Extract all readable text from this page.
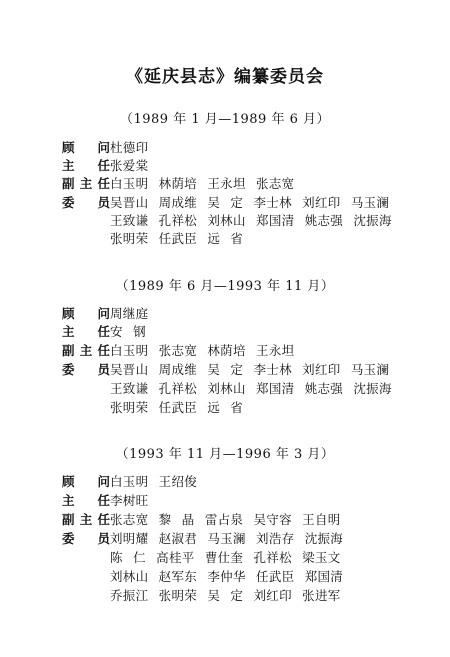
《延庆县志》编纂委员会
（1989 年 1 月—1989 年 6 月）
顾 问杜德印
主 任张爱棠
副主任白玉明 林荫培 王永坦 张志宽
委 员吴晋山 周成维 吴 定 李士林 刘红印 马玉澜
王致谦 孔祥松 刘林山 郑国清 姚志强 沈振海
张明荣 任武臣 远 省
（1989 年 6 月—1993 年 11 月）
顾 问周继庭
主 任安 钢
副主任白玉明 张志宽 林荫培 王永坦
委 员吴晋山 周成维 吴 定 李士林 刘红印 马玉澜
王致谦 孔祥松 刘林山 郑国清 姚志强 沈振海
张明荣 任武臣 远 省
（1993 年 11 月—1996 年 3 月）
顾 问白玉明 王绍俊
主 任李树旺
副主任张志宽 黎 晶 雷占泉 吴守容 王自明
委 员刘明耀 赵淑君 马玉澜 刘浩存 沈振海
陈 仁 高桂平 曹仕奎 孔祥松 梁玉文
刘林山 赵军东 李仲华 任武臣 郑国清
乔振江 张明荣 吴 定 刘红印 张进军
